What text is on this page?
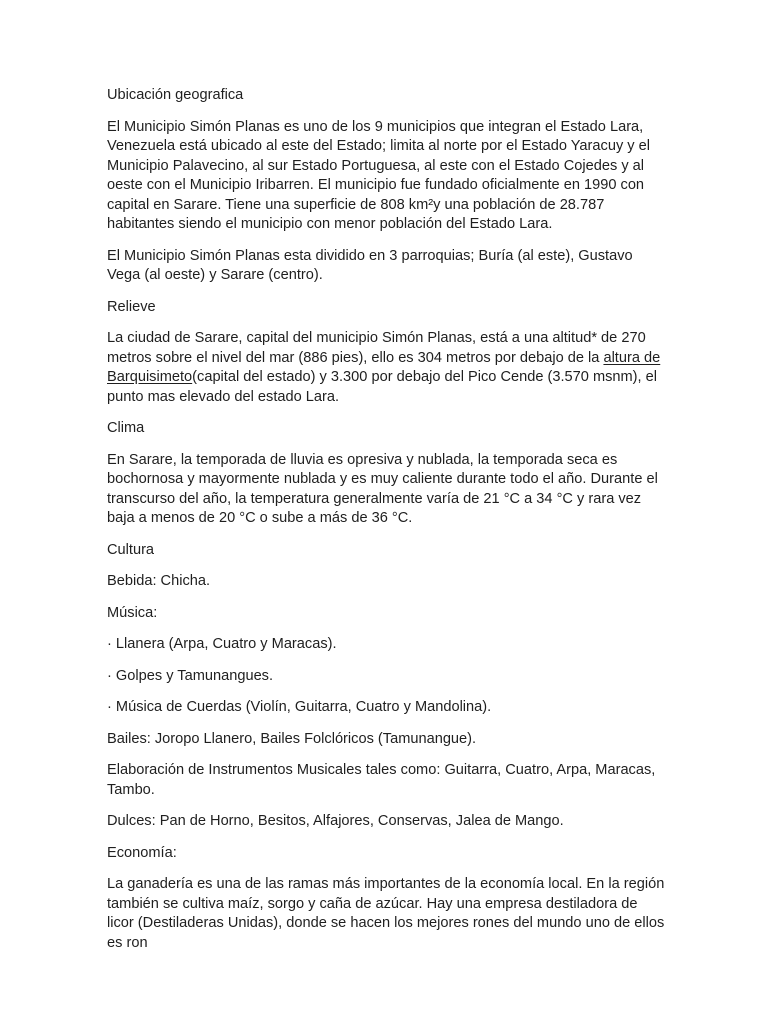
Ubicación geografica

El Municipio Simón Planas es uno de los 9 municipios que integran el Estado Lara, Venezuela está ubicado al este del Estado; limita al norte por el Estado Yaracuy y el Municipio Palavecino, al sur Estado Portuguesa, al este con el Estado Cojedes y al oeste con el Municipio Iribarren. El municipio fue fundado oficialmente en 1990 con capital en Sarare. Tiene una superficie de 808 km²y una población de 28.787 habitantes siendo el municipio con menor población del Estado Lara.

El Municipio Simón Planas esta dividido en 3 parroquias; Buría (al este), Gustavo Vega (al oeste) y Sarare (centro).

Relieve

La ciudad de Sarare, capital del municipio Simón Planas, está a una altitud* de 270 metros sobre el nivel del mar (886 pies), ello es 304 metros por debajo de la altura de Barquisimeto(capital del estado) y 3.300 por debajo del Pico Cende (3.570 msnm), el punto mas elevado del estado Lara.

Clima

En Sarare, la temporada de lluvia es opresiva y nublada, la temporada seca es bochornosa y mayormente nublada y es muy caliente durante todo el año. Durante el transcurso del año, la temperatura generalmente varía de 21 °C a 34 °C y rara vez baja a menos de 20 °C o sube a más de 36 °C.

Cultura

Bebida: Chicha.

Música:

· Llanera (Arpa, Cuatro y Maracas).

· Golpes y Tamunangues.

· Música de Cuerdas (Violín, Guitarra, Cuatro y Mandolina).

Bailes: Joropo Llanero, Bailes Folclóricos (Tamunangue).

Elaboración de Instrumentos Musicales tales como: Guitarra, Cuatro, Arpa, Maracas, Tambo.

Dulces: Pan de Horno, Besitos, Alfajores, Conservas, Jalea de Mango.

Economía:

La ganadería es una de las ramas más importantes de la economía local. En la región también se cultiva maíz, sorgo y caña de azúcar. Hay una empresa destiladora de licor (Destiladeras Unidas), donde se hacen los mejores rones del mundo uno de ellos es ron
